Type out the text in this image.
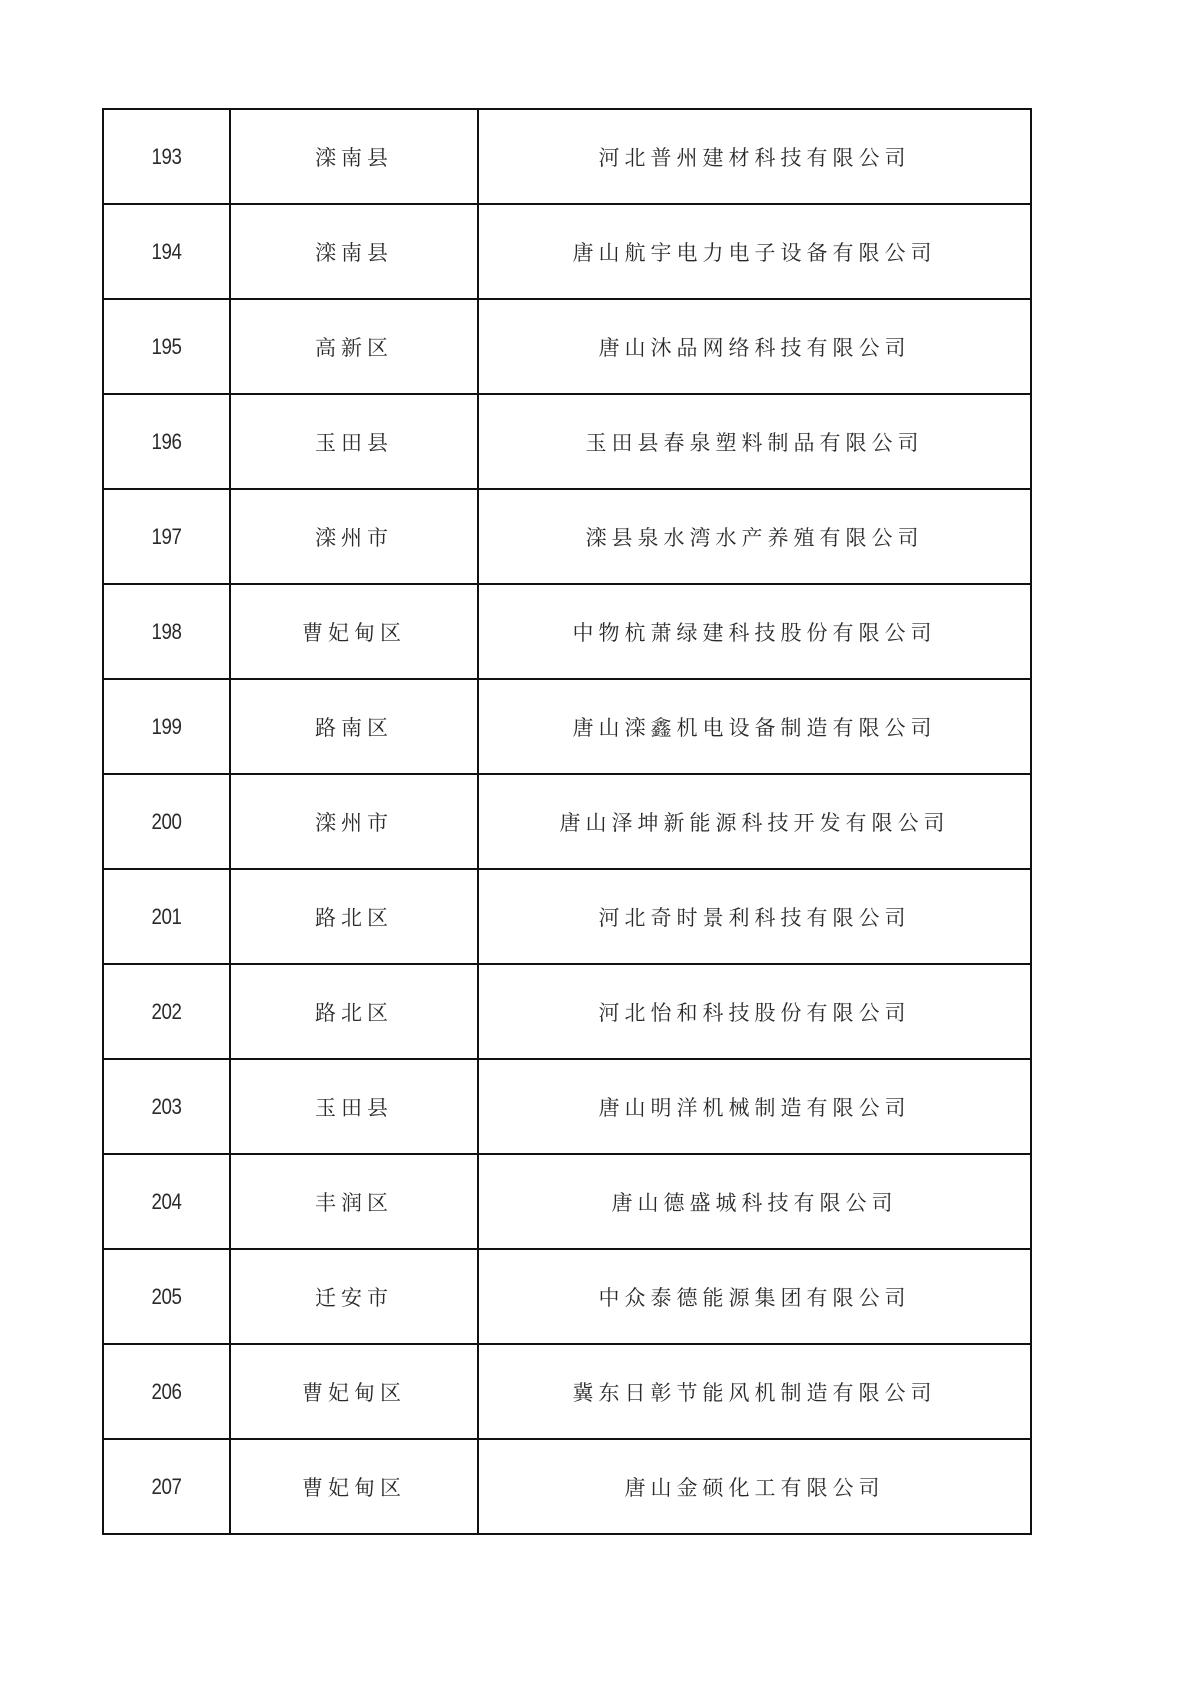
193	滦南县	河北普州建材科技有限公司
194	滦南县	唐山航宇电力电子设备有限公司
195	高新区	唐山沐品网络科技有限公司
196	玉田县	玉田县春泉塑料制品有限公司
197	滦州市	滦县泉水湾水产养殖有限公司
198	曹妃甸区	中物杭萧绿建科技股份有限公司
199	路南区	唐山滦鑫机电设备制造有限公司
200	滦州市	唐山泽坤新能源科技开发有限公司
201	路北区	河北奇时景利科技有限公司
202	路北区	河北怡和科技股份有限公司
203	玉田县	唐山明洋机械制造有限公司
204	丰润区	唐山德盛城科技有限公司
205	迁安市	中众泰德能源集团有限公司
206	曹妃甸区	冀东日彰节能风机制造有限公司
207	曹妃甸区	唐山金硕化工有限公司
